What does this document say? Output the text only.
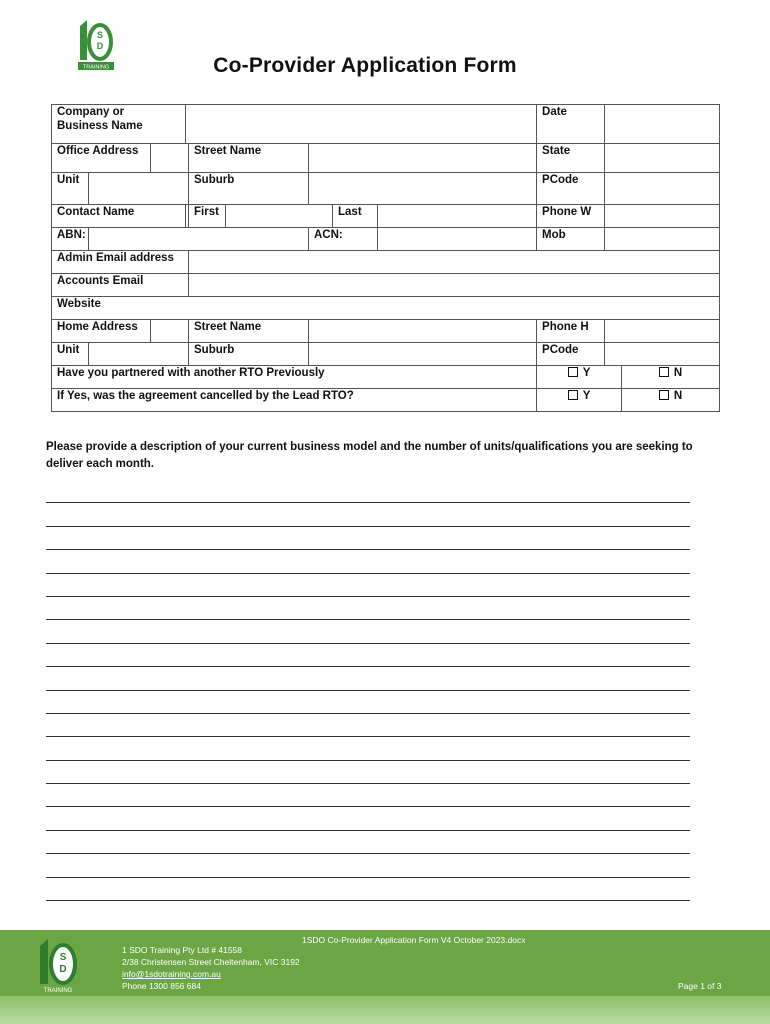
S
D
TRAINING	Co-Provider Application Form
Company or

Business Name									Date		
Office Address				Street Name					State		
Unit				Suburb					PCode		
Contact Name				First			Last		Phone W		
ABN:						ACN:			Mob		
Admin Email address											
Accounts Email											
Website											
Home Address				Street Name					Phone H		
Unit				Suburb					PCode		
Have you partnered with another RTO Previously									Y		N
If Yes, was the agreement cancelled by the Lead RTO?									Y		N
Please provide a description of your current business model and the number of units/qualifications you are seeking to deliver each month.
1SDO Co-Provider Application Form V4 October 2023.docx
1 SDO Training Pty Ltd # 41558
2/38 Christensen Street Cheltenham, VIC 3192
info@1sdotraining.com.au
Phone 1300 856 684	Page 1 of 3
S
D
TRAINING
